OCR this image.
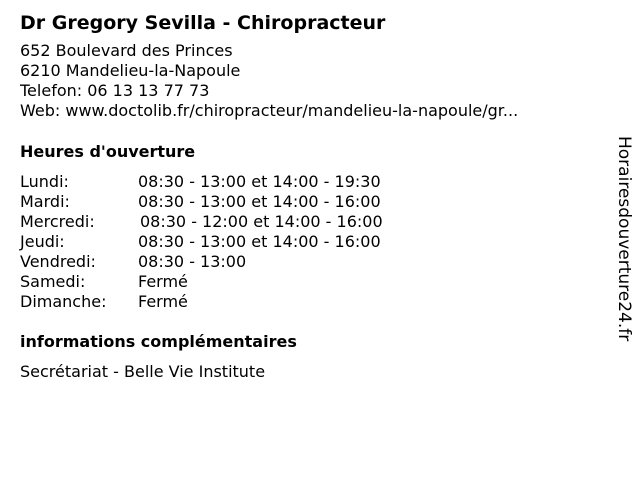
Dr Gregory Sevilla - Chiropracteur
652 Boulevard des Princes
6210 Mandelieu-la-Napoule
Telefon: 06 13 13 77 73
Web: www.doctolib.fr/chiropracteur/mandelieu-la-napoule/gr...
Heures d'ouverture
Lundi:	08:30 - 13:00 et 14:00 - 19:30
Mardi:	08:30 - 13:00 et 14:00 - 16:00
Mercredi:	08:30 - 12:00 et 14:00 - 16:00
Jeudi:	08:30 - 13:00 et 14:00 - 16:00
Vendredi:	08:30 - 13:00
Samedi:	Fermé
Dimanche:	Fermé
informations complémentaires
Secrétariat - Belle Vie Institute
Horairesdouverture24.fr
